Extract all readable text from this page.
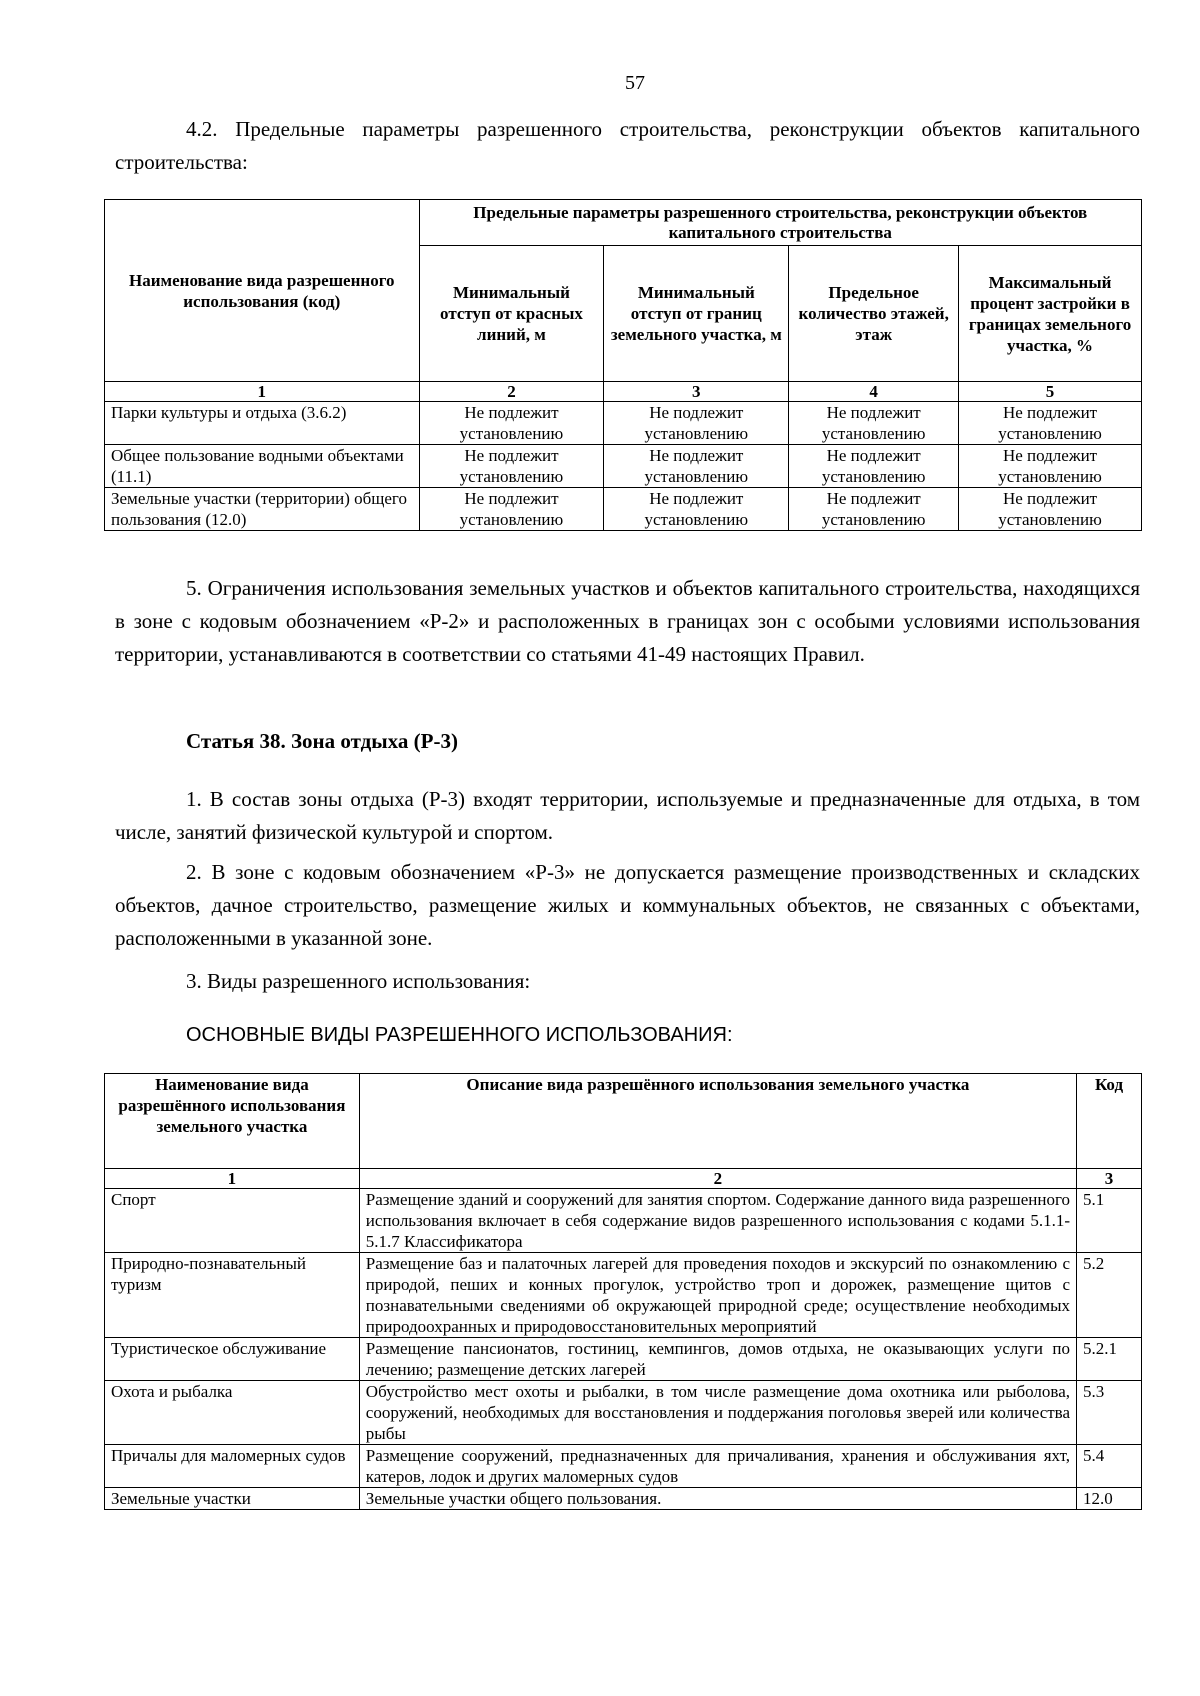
57

4.2. Предельные параметры разрешенного строительства, реконструкции объектов капитального строительства:

Наименование вида разрешенного использования (код)	Предельные параметры разрешенного строительства, реконструкции объектов капитального строительства			
	Минимальный отступ от красных линий, м	Минимальный отступ от границ земельного участка, м	Предельное количество этажей, этаж	Максимальный процент застройки в границах земельного участка, %
1	2	3	4	5
Парки культуры и отдыха (3.6.2)	Не подлежит установлению	Не подлежит установлению	Не подлежит установлению	Не подлежит установлению
Общее пользование водными объектами (11.1)	Не подлежит установлению	Не подлежит установлению	Не подлежит установлению	Не подлежит установлению
Земельные участки (территории) общего пользования (12.0)	Не подлежит установлению	Не подлежит установлению	Не подлежит установлению	Не подлежит установлению

5. Ограничения использования земельных участков и объектов капитального строительства, находящихся в зоне с кодовым обозначением «Р-2» и расположенных в границах зон с особыми условиями использования территории, устанавливаются в соответствии со статьями 41-49 настоящих Правил.

Статья 38. Зона отдыха (Р-3)

1. В состав зоны отдыха (Р-3) входят территории, используемые и предназначенные для отдыха, в том числе, занятий физической культурой и спортом.

2. В зоне с кодовым обозначением «Р-3» не допускается размещение производственных и складских объектов, дачное строительство, размещение жилых и коммунальных объектов, не связанных с объектами, расположенными в указанной зоне.

3. Виды разрешенного использования:

ОСНОВНЫЕ ВИДЫ РАЗРЕШЕННОГО ИСПОЛЬЗОВАНИЯ:

Наименование вида разрешённого использования земельного участка	Описание вида разрешённого использования земельного участка	Код
1	2	3
Спорт	Размещение зданий и сооружений для занятия спортом. Содержание данного вида разрешенного использования включает в себя содержание видов разрешенного использования с кодами 5.1.1-5.1.7 Классификатора	5.1
Природно-познавательный туризм	Размещение баз и палаточных лагерей для проведения походов и экскурсий по ознакомлению с природой, пеших и конных прогулок, устройство троп и дорожек, размещение щитов с познавательными сведениями об окружающей природной среде; осуществление необходимых природоохранных и природовосстановительных мероприятий	5.2
Туристическое обслуживание	Размещение пансионатов, гостиниц, кемпингов, домов отдыха, не оказывающих услуги по лечению; размещение детских лагерей	5.2.1
Охота и рыбалка	Обустройство мест охоты и рыбалки, в том числе размещение дома охотника или рыболова, сооружений, необходимых для восстановления и поддержания поголовья зверей или количества рыбы	5.3
Причалы для маломерных судов	Размещение сооружений, предназначенных для причаливания, хранения и обслуживания яхт, катеров, лодок и других маломерных судов	5.4
Земельные участки	Земельные участки общего пользования.	12.0
